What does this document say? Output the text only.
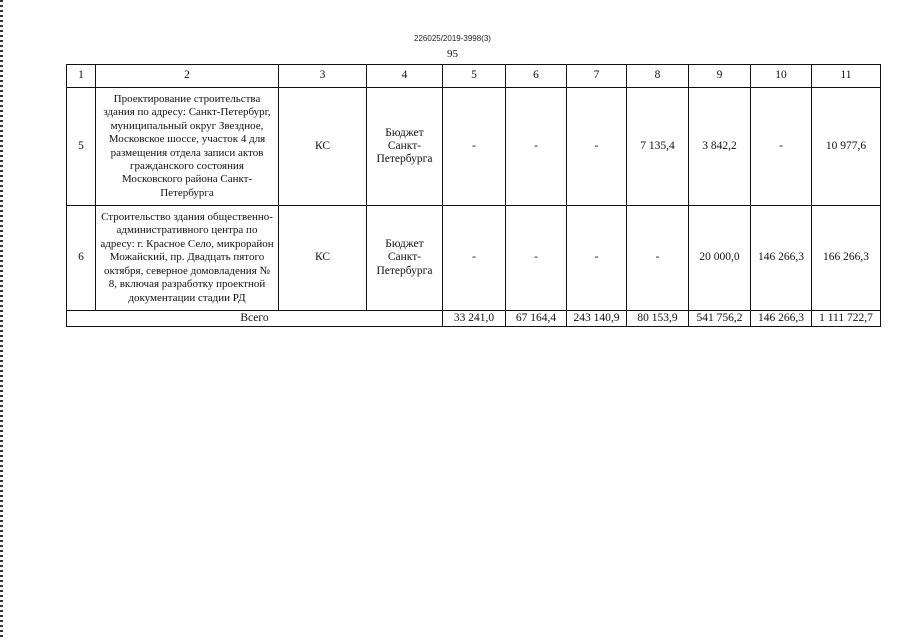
226025/2019-3998(3)
95
1	2	3	4	5	6	7	8	9	10	11
5	Проектирование строительства здания по адресу: Санкт-Петербург, муниципальный округ Звездное, Московское шоссе, участок 4 для размещения отдела записи актов гражданского состояния Московского района Санкт-Петербурга	КС	Бюджет Санкт-Петербурга	-	-	-	7 135,4	3 842,2	-	10 977,6
6	Строительство здания общественно-административного центра по адресу: г. Красное Село, микрорайон Можайский, пр. Двадцать пятого октября, северное домовладения № 8, включая разработку проектной документации стадии РД	КС	Бюджет Санкт-Петербурга	-	-	-	-	20 000,0	146 266,3	166 266,3
Всего				33 241,0	67 164,4	243 140,9	80 153,9	541 756,2	146 266,3	1 111 722,7
